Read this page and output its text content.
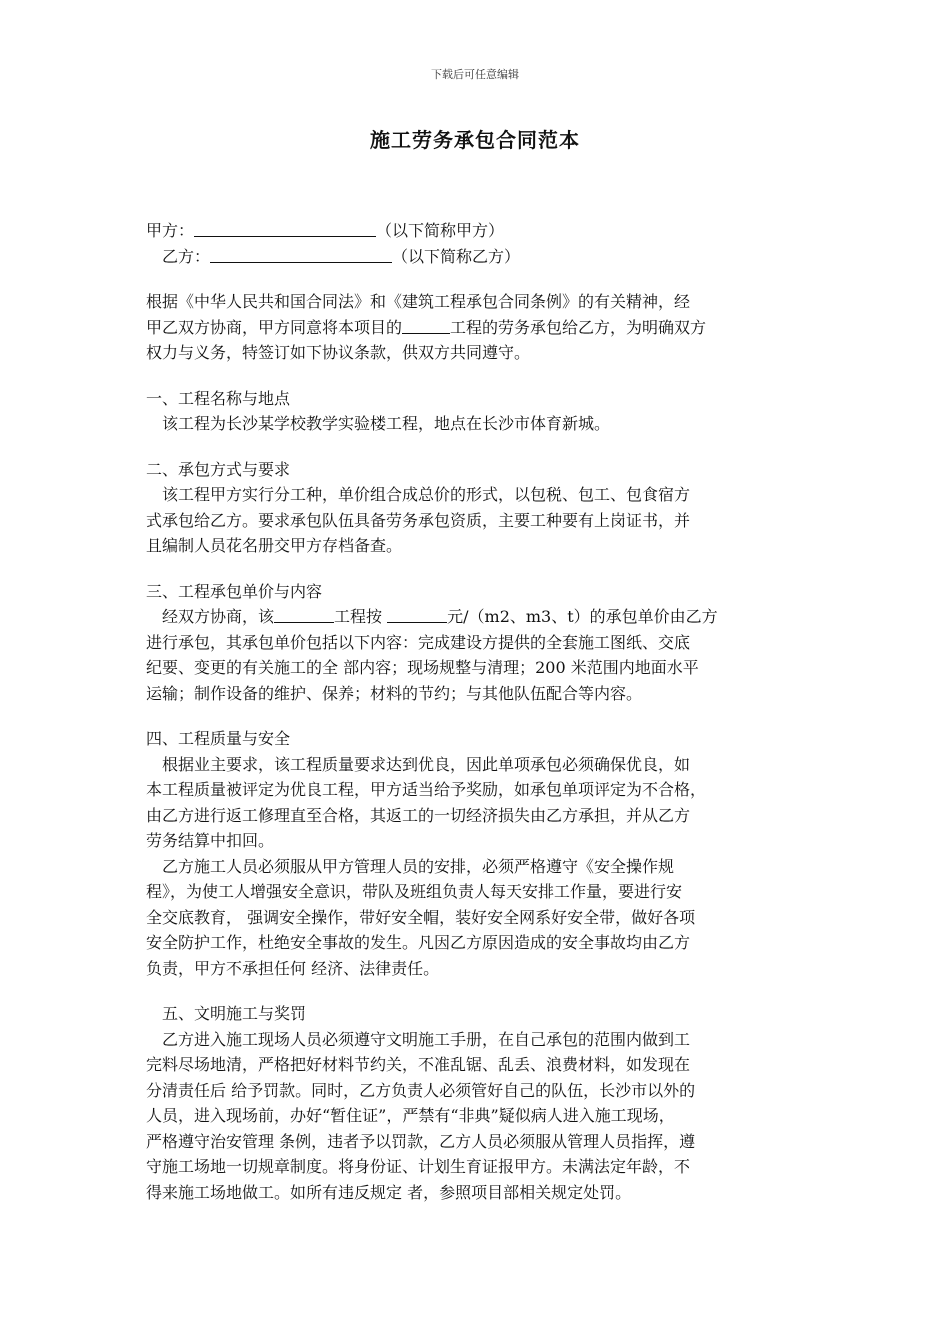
下载后可任意编辑
施工劳务承包合同范本
甲方：	（以下简称甲方）
乙方：	（以下简称乙方）
根据《中华人民共和国合同法》和《建筑工程承包合同条例》的有关精神，经
甲乙双方协商，甲方同意将本项目的	工程的劳务承包给乙方，为明确双方
权力与义务，特签订如下协议条款，供双方共同遵守。
一、工程名称与地点
该工程为长沙某学校教学实验楼工程，地点在长沙市体育新城。
二、承包方式与要求
该工程甲方实行分工种，单价组合成总价的形式，以包税、包工、包食宿方
式承包给乙方。要求承包队伍具备劳务承包资质，主要工种要有上岗证书，并
且编制人员花名册交甲方存档备查。
三、工程承包单价与内容
经双方协商，该	工程按	元/（m2、m3、t）的承包单价由乙方
进行承包，其承包单价包括以下内容：完成建设方提供的全套施工图纸、交底
纪要、变更的有关施工的全 部内容；现场规整与清理；200 米范围内地面水平
运输；制作设备的维护、保养；材料的节约；与其他队伍配合等内容。
四、工程质量与安全
根据业主要求，该工程质量要求达到优良，因此单项承包必须确保优良，如
本工程质量被评定为优良工程，甲方适当给予奖励，如承包单项评定为不合格，
由乙方进行返工修理直至合格，其返工的一切经济损失由乙方承担，并从乙方
劳务结算中扣回。
乙方施工人员必须服从甲方管理人员的安排，必须严格遵守《安全操作规
程》，为使工人增强安全意识，带队及班组负责人每天安排工作量，要进行安
全交底教育， 强调安全操作，带好安全帽，装好安全网系好安全带，做好各项
安全防护工作，杜绝安全事故的发生。凡因乙方原因造成的安全事故均由乙方
负责，甲方不承担任何 经济、法律责任。
五、文明施工与奖罚
乙方进入施工现场人员必须遵守文明施工手册，在自己承包的范围内做到工
完料尽场地清，严格把好材料节约关，不准乱锯、乱丢、浪费材料，如发现在
分清责任后 给予罚款。同时，乙方负责人必须管好自己的队伍，长沙市以外的
人员，进入现场前，办好“暂住证”，严禁有“非典”疑似病人进入施工现场，
严格遵守治安管理 条例，违者予以罚款，乙方人员必须服从管理人员指挥，遵
守施工场地一切规章制度。将身份证、计划生育证报甲方。未满法定年龄，不
得来施工场地做工。如所有违反规定 者，参照项目部相关规定处罚。
